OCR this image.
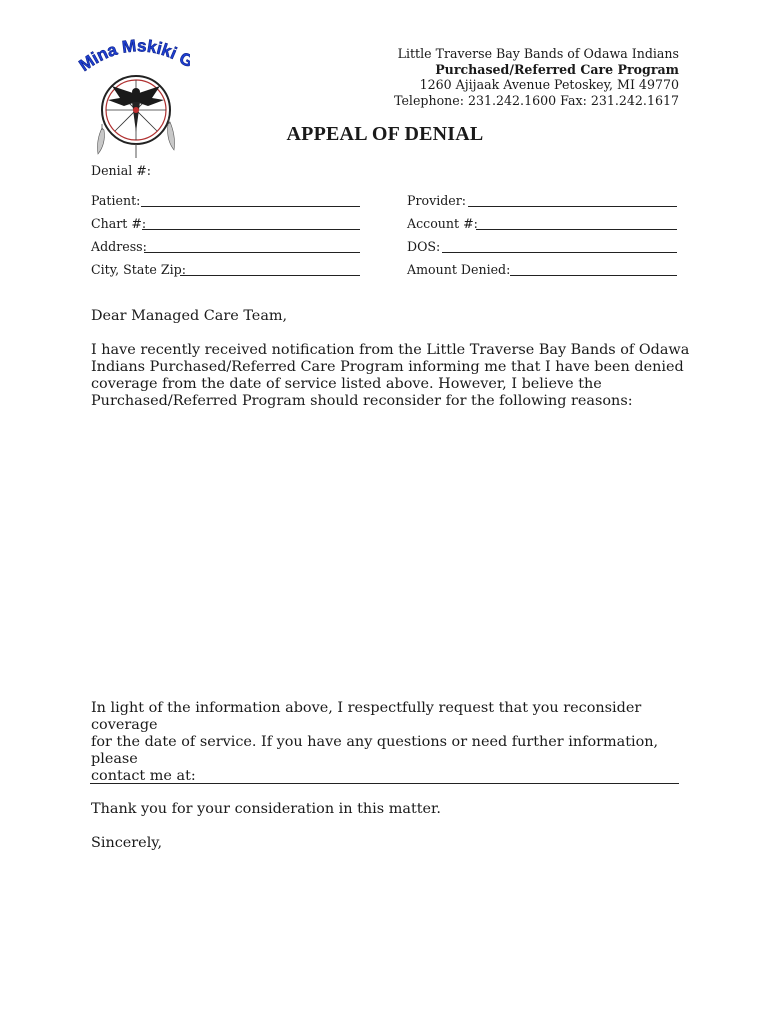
ina Mskiki	Little Traverse Bay Bands of Odawa Indians
Purchased/Referred Care Program
1260 Ajijaak Avenue Petoskey, MI 49770
Telephone: 231.242.1600 Fax: 231.242.1617
APPEAL OF DENIAL
Denial #:
Patient:
Chart #:
Address:
City, State Zip:
Provider:
Account #:
DOS:
Amount Denied:
Dear Managed Care Team,
I have recently received notification from the Little Traverse Bay Bands of Odawa
Indians Purchased/Referred Care Program informing me that I have been denied
coverage from the date of service listed above. However, I believe the
Purchased/Referred Program should reconsider for the following reasons:
In light of the information above, I respectfully request that you reconsider coverage
for the date of service. If you have any questions or need further information, please
contact me at:
Thank you for your consideration in this matter.
Sincerely,
